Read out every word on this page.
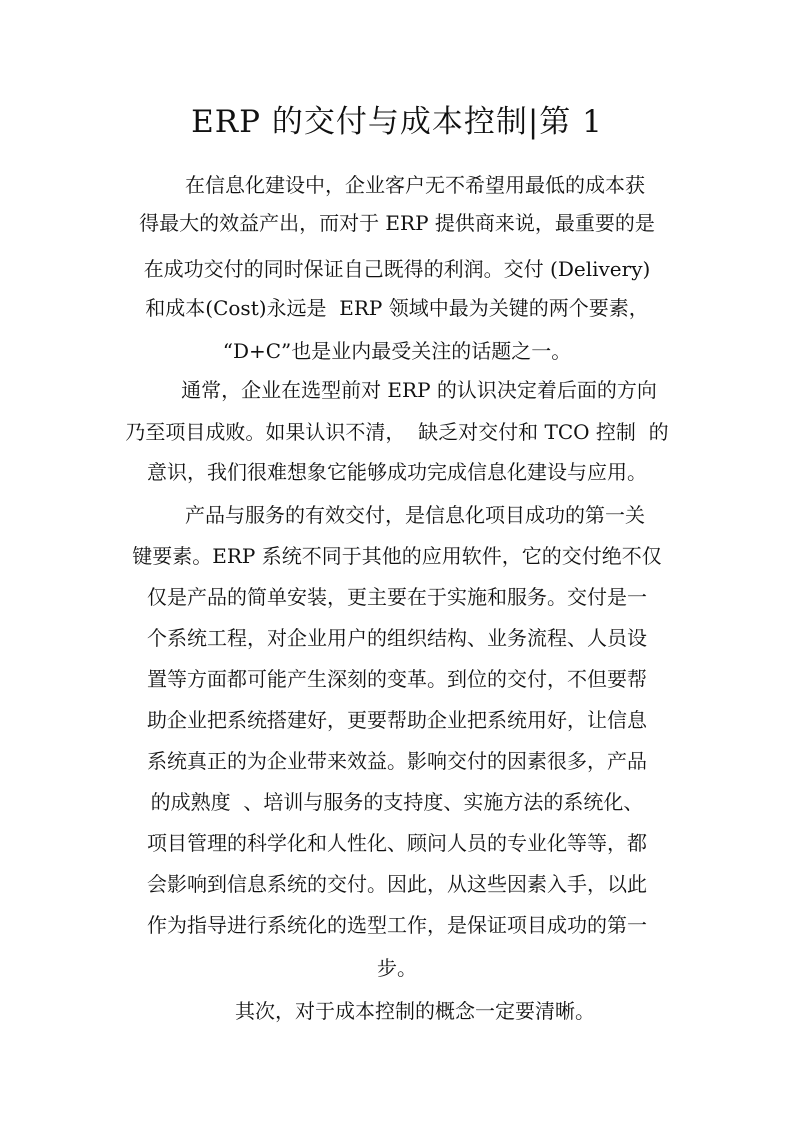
ERP 的交付与成本控制|第 1
在信息化建设中，企业客户无不希望用最低的成本获
得最大的效益产出，而对于 ERP 提供商来说，最重要的是
在成功交付的同时保证自己既得的利润。交付 (Delivery)
和成本(Cost)永远是  ERP 领域中最为关键的两个要素，
“D+C”也是业内最受关注的话题之一。
通常，企业在选型前对 ERP 的认识决定着后面的方向
乃至项目成败。如果认识不清，  缺乏对交付和 TCO 控制  的
意识，我们很难想象它能够成功完成信息化建设与应用。
产品与服务的有效交付，是信息化项目成功的第一关
键要素。ERP 系统不同于其他的应用软件，它的交付绝不仅
仅是产品的简单安装，更主要在于实施和服务。交付是一
个系统工程，对企业用户的组织结构、业务流程、人员设
置等方面都可能产生深刻的变革。到位的交付，不但要帮
助企业把系统搭建好，更要帮助企业把系统用好，让信息
系统真正的为企业带来效益。影响交付的因素很多，产品
的成熟度  、培训与服务的支持度、实施方法的系统化、
项目管理的科学化和人性化、顾问人员的专业化等等，都
会影响到信息系统的交付。因此，从这些因素入手，以此
作为指导进行系统化的选型工作，是保证项目成功的第一
步。
其次，对于成本控制的概念一定要清晰。
